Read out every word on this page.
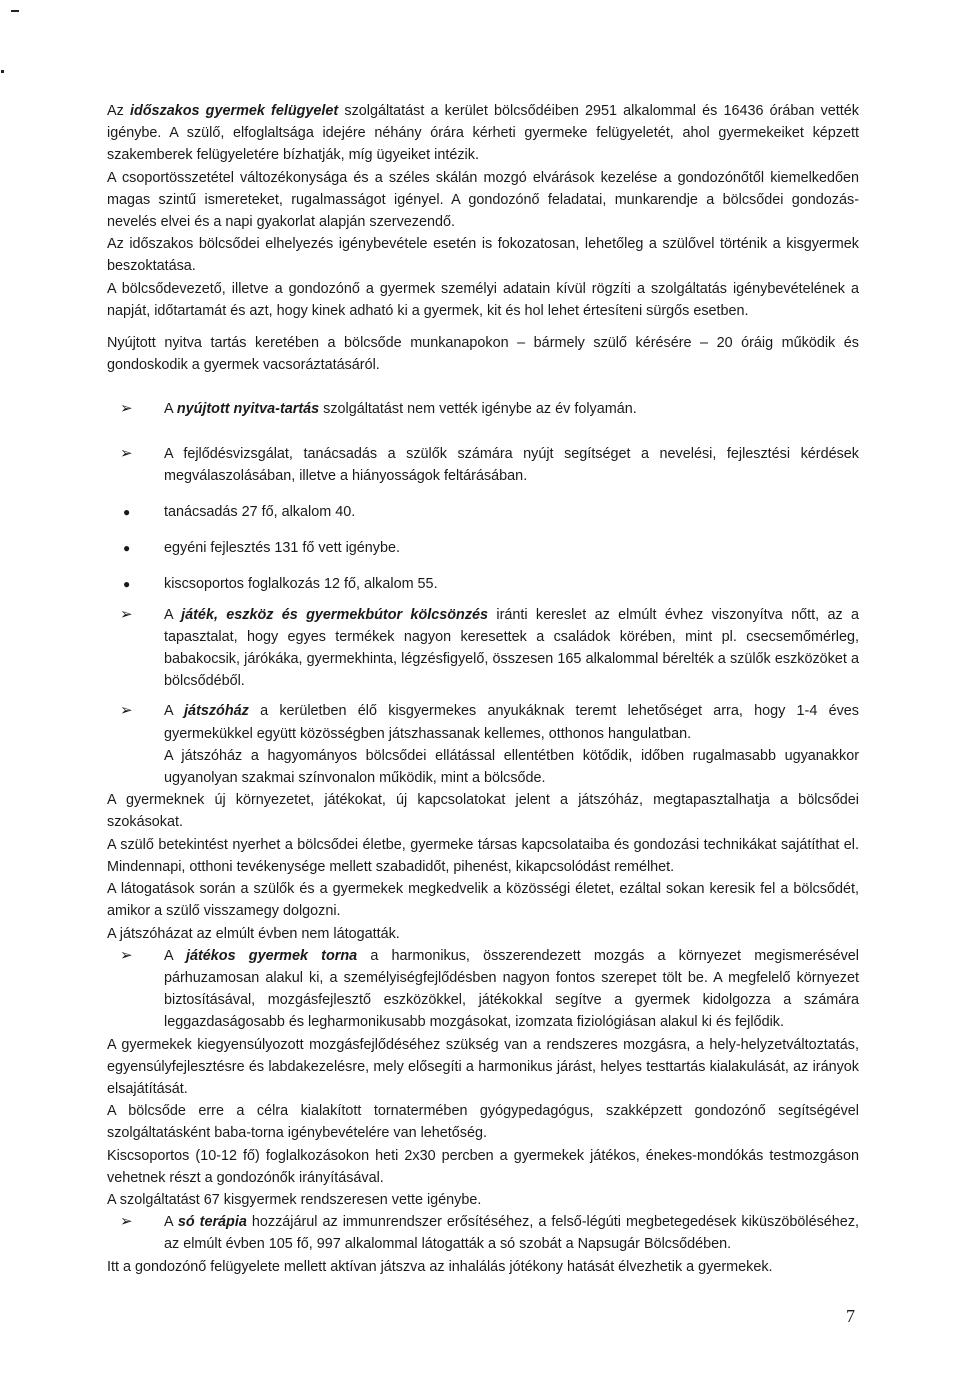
Az időszakos gyermek felügyelet szolgáltatást a kerület bölcsődéiben 2951 alkalommal és 16436 órában vették igénybe. A szülő, elfoglaltsága idejére néhány órára kérheti gyermeke felügyeletét, ahol gyermekeiket képzett szakemberek felügyeletére bízhatják, míg ügyeiket intézik.

A csoportösszetétel változékonysága és a széles skálán mozgó elvárások kezelése a gondozónőtől kiemelkedően magas szintű ismereteket, rugalmasságot igényel. A gondozónő feladatai, munkarendje a bölcsődei gondozás-nevelés elvei és a napi gyakorlat alapján szervezendő.

Az időszakos bölcsődei elhelyezés igénybevétele esetén is fokozatosan, lehetőleg a szülővel történik a kisgyermek beszoktatása.

A bölcsődevezető, illetve a gondozónő a gyermek személyi adatain kívül rögzíti a szolgáltatás igénybevételének a napját, időtartamát és azt, hogy kinek adható ki a gyermek, kit és hol lehet értesíteni sürgős esetben.

Nyújtott nyitva tartás keretében a bölcsőde munkanapokon – bármely szülő kérésére – 20 óráig működik és gondoskodik a gyermek vacsoráztatásáról.

➢ A nyújtott nyitva-tartás szolgáltatást nem vették igénybe az év folyamán.
➢ A fejlődésvizsgálat, tanácsadás a szülők számára nyújt segítséget a nevelési, fejlesztési kérdések megválaszolásában, illetve a hiányosságok feltárásában.
● tanácsadás 27 fő, alkalom 40.
● egyéni fejlesztés 131 fő vett igénybe.
● kiscsoportos foglalkozás 12 fő, alkalom 55.
➢ A játék, eszköz és gyermekbútor kölcsönzés iránti kereslet az elmúlt évhez viszonyítva nőtt, az a tapasztalat, hogy egyes termékek nagyon keresettek a családok körében, mint pl. csecsemőmérleg, babakocsik, járókáka, gyermekhinta, légzésfigyelő, összesen 165 alkalommal bérelték a szülők eszközöket a bölcsődéből.
➢ A játszóház a kerületben élő kisgyermekes anyukáknak teremt lehetőséget arra, hogy 1-4 éves gyermekükkel együtt közösségben játszhassanak kellemes, otthonos hangulatban.
A játszóház a hagyományos bölcsődei ellátással ellentétben kötődik, időben rugalmasabb ugyanakkor ugyanolyan szakmai színvonalon működik, mint a bölcsőde.

A gyermeknek új környezetet, játékokat, új kapcsolatokat jelent a játszóház, megtapasztalhatja a bölcsődei szokásokat.

A szülő betekintést nyerhet a bölcsődei életbe, gyermeke társas kapcsolataiba és gondozási technikákat sajátíthat el. Mindennapi, otthoni tevékenysége mellett szabadidőt, pihenést, kikapcsolódást remélhet.

A látogatások során a szülők és a gyermekek megkedvelik a közösségi életet, ezáltal sokan keresik fel a bölcsődét, amikor a szülő visszamegy dolgozni.

A játszóházat az elmúlt évben nem látogatták.

➢ A játékos gyermek torna a harmonikus, összerendezett mozgás a környezet megismerésével párhuzamosan alakul ki, a személyiségfejlődésben nagyon fontos szerepet tölt be. A megfelelő környezet biztosításával, mozgásfejlesztő eszközökkel, játékokkal segítve a gyermek kidolgozza a számára leggazdaságosabb és legharmonikusabb mozgásokat, izomzata fiziológiásan alakul ki és fejlődik.

A gyermekek kiegyensúlyozott mozgásfejlődéséhez szükség van a rendszeres mozgásra, a hely-helyzetváltoztatás, egyensúlyfejlesztésre és labdakezelésre, mely elősegíti a harmonikus járást, helyes testtartás kialakulását, az irányok elsajátítását.

A bölcsőde erre a célra kialakított tornatermében gyógypedagógus, szakképzett gondozónő segítségével szolgáltatásként baba-torna igénybevételére van lehetőség.

Kiscsoportos (10-12 fő) foglalkozásokon heti 2x30 percben a gyermekek játékos, énekes-mondókás testmozgáson vehetnek részt a gondozónők irányításával.

A szolgáltatást 67 kisgyermek rendszeresen vette igénybe.

➢ A só terápia hozzájárul az immunrendszer erősítéséhez, a felső-légúti megbetegedések kiküszöböléséhez, az elmúlt évben 105 fő, 997 alkalommal látogatták a só szobát a Napsugár Bölcsődében.

Itt a gondozónő felügyelete mellett aktívan játszva az inhalálás jótékony hatását élvezhetik a gyermekek.

7
